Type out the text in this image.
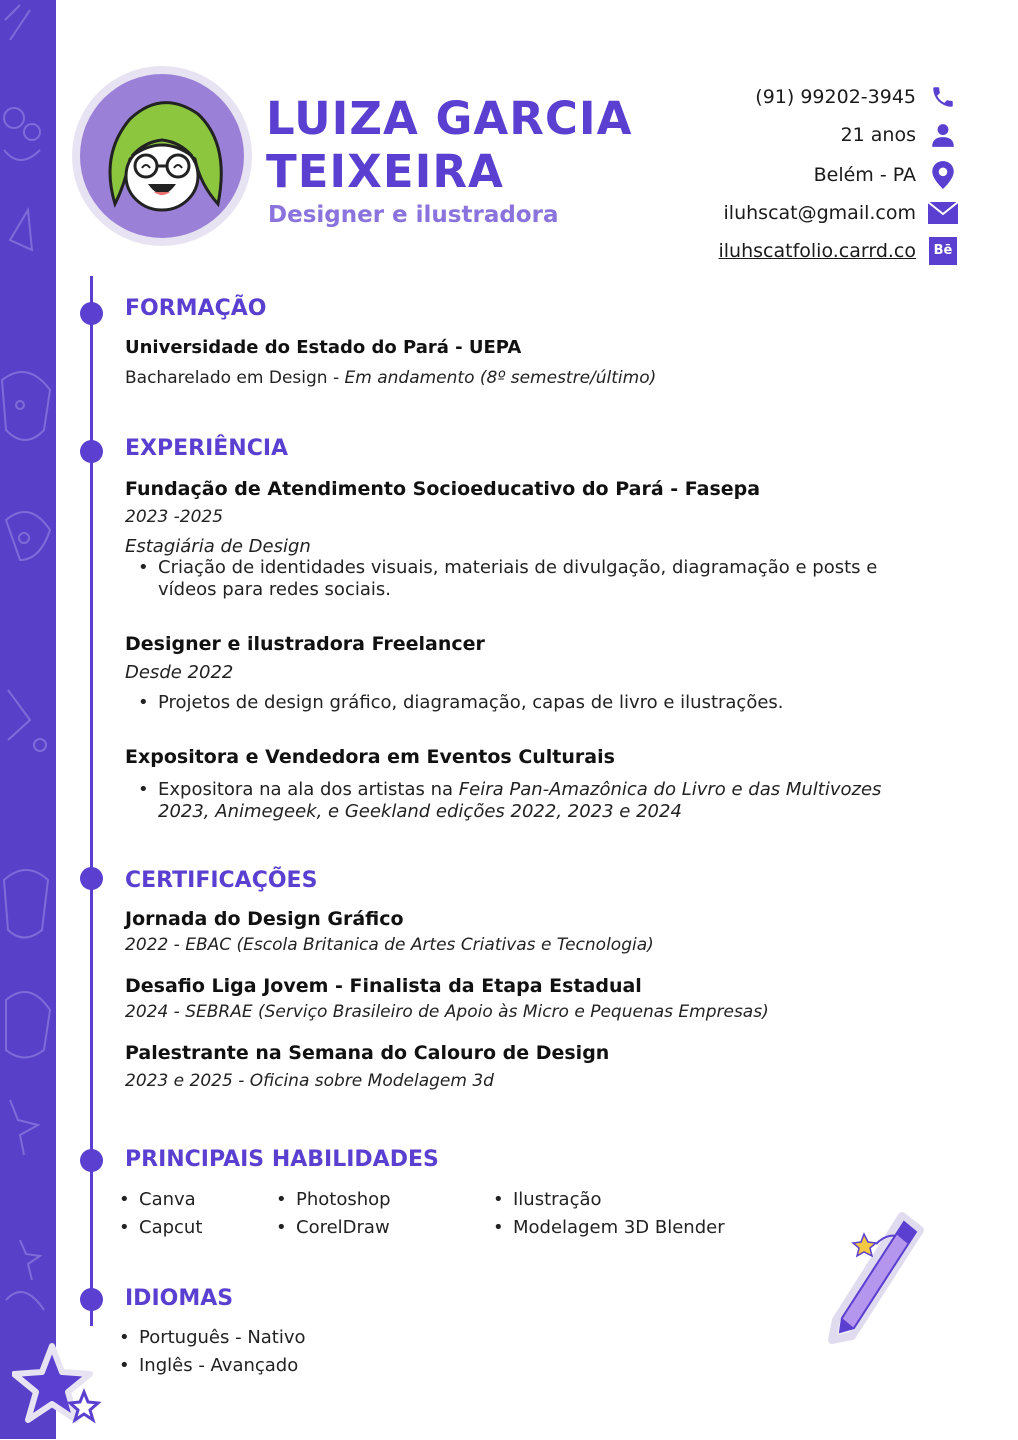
LUIZA GARCIA
TEIXEIRA
Designer e ilustradora
(91) 99202-3945
21 anos
Belém - PA
iluhscat@gmail.com
iluhscatfolio.carrd.co	Bē
FORMAÇÃO
Universidade do Estado do Pará - UEPA
Bacharelado em Design - Em andamento (8º semestre/último)
EXPERIÊNCIA
Fundação de Atendimento Socioeducativo do Pará - Fasepa
2023 -2025
Estagiária de Design
• Criação de identidades visuais, materiais de divulgação, diagramação e posts e
vídeos para redes sociais.
Designer e ilustradora Freelancer
Desde 2022
• Projetos de design gráfico, diagramação, capas de livro e ilustrações.
Expositora e Vendedora em Eventos Culturais
• Expositora na ala dos artistas na Feira Pan-Amazônica do Livro e das Multivozes
2023, Animegeek, e Geekland edições 2022, 2023 e 2024
CERTIFICAÇÕES
Jornada do Design Gráfico
2022 - EBAC (Escola Britanica de Artes Criativas e Tecnologia)
Desafio Liga Jovem - Finalista da Etapa Estadual
2024 - SEBRAE (Serviço Brasileiro de Apoio às Micro e Pequenas Empresas)
Palestrante na Semana do Calouro de Design
2023 e 2025 - Oficina sobre Modelagem 3d
PRINCIPAIS HABILIDADES
• Canva
• Capcut
• Photoshop
• CorelDraw
• Ilustração
• Modelagem 3D Blender
IDIOMAS
• Português - Nativo
• Inglês - Avançado
